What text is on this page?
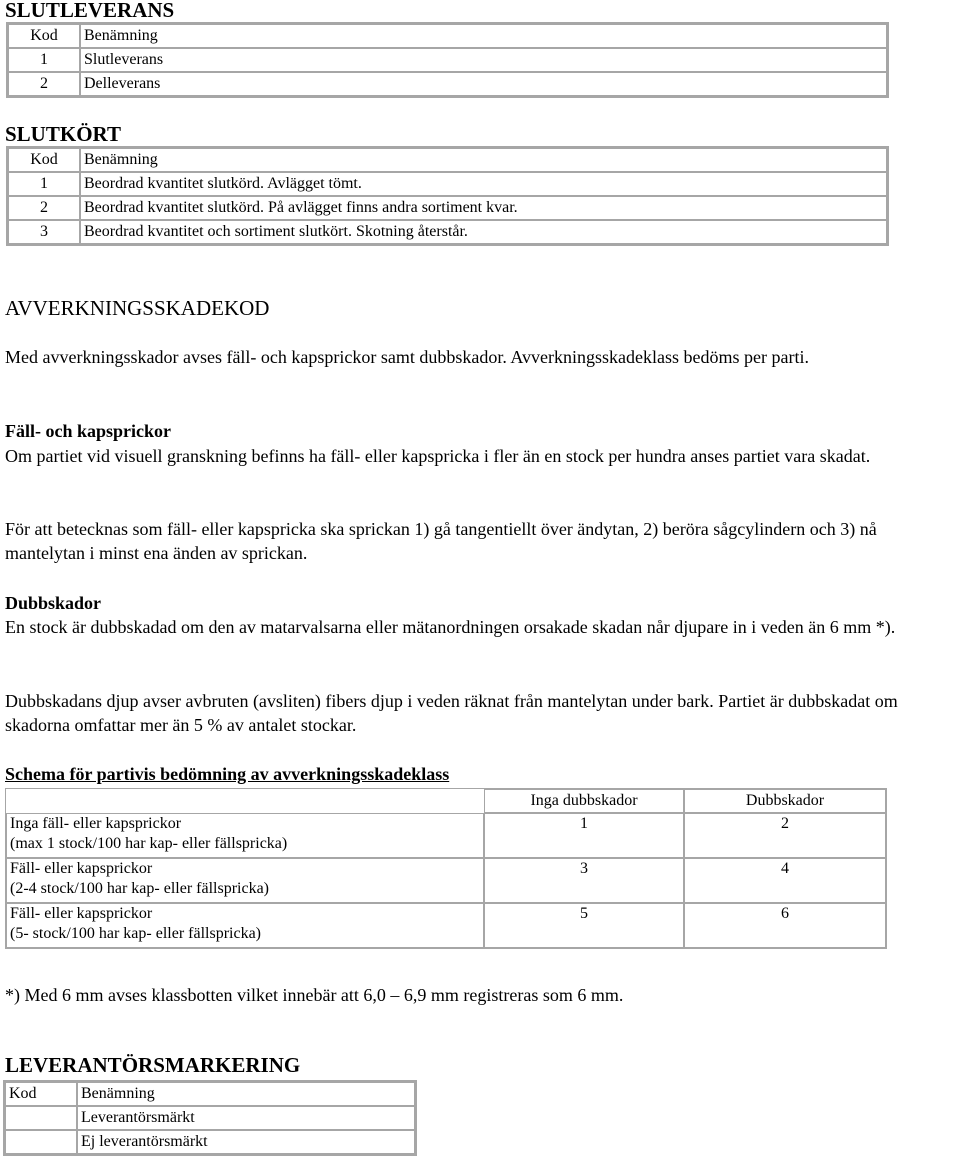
SLUTLEVERANS
Kod	Benämning
1	Slutleverans
2	Delleverans
SLUTKÖRT
Kod	Benämning
1	Beordrad kvantitet slutkörd. Avlägget tömt.
2	Beordrad kvantitet slutkörd. På avlägget finns andra sortiment kvar.
3	Beordrad kvantitet och sortiment slutkört. Skotning återstår.
AVVERKNINGSSKADEKOD

Med avverkningsskador avses fäll- och kapsprickor samt dubbskador. Avverkningsskadeklass bedöms per parti.

Fäll- och kapsprickor

Om partiet vid visuell granskning befinns ha fäll- eller kapspricka i fler än en stock per hundra anses partiet vara skadat.

För att betecknas som fäll- eller kapspricka ska sprickan 1) gå tangentiellt över ändytan, 2) beröra sågcylindern och 3) nå mantelytan i minst ena änden av sprickan.

Dubbskador

En stock är dubbskadad om den av matarvalsarna eller mätanordningen orsakade skadan når djupare in i veden än 6 mm *).

Dubbskadans djup avser avbruten (avsliten) fibers djup i veden räknat från mantelytan under bark. Partiet är dubbskadat om skadorna omfattar mer än 5 % av antalet stockar.

Schema för partivis bedömning av avverkningsskadeklass
	Inga dubbskador	Dubbskador

Inga fäll- eller kapsprickor
(max 1 stock/100 har kap- eller fällspricka)	1	2

Fäll- eller kapsprickor
(2-4 stock/100 har kap- eller fällspricka)	3	4

Fäll- eller kapsprickor
(5- stock/100 har kap- eller fällspricka)	5	6

*) Med 6 mm avses klassbotten vilket innebär att 6,0 – 6,9 mm registreras som 6 mm.

LEVERANTÖRSMARKERING
Kod	Benämning
	Leverantörsmärkt
	Ej leverantörsmärkt
